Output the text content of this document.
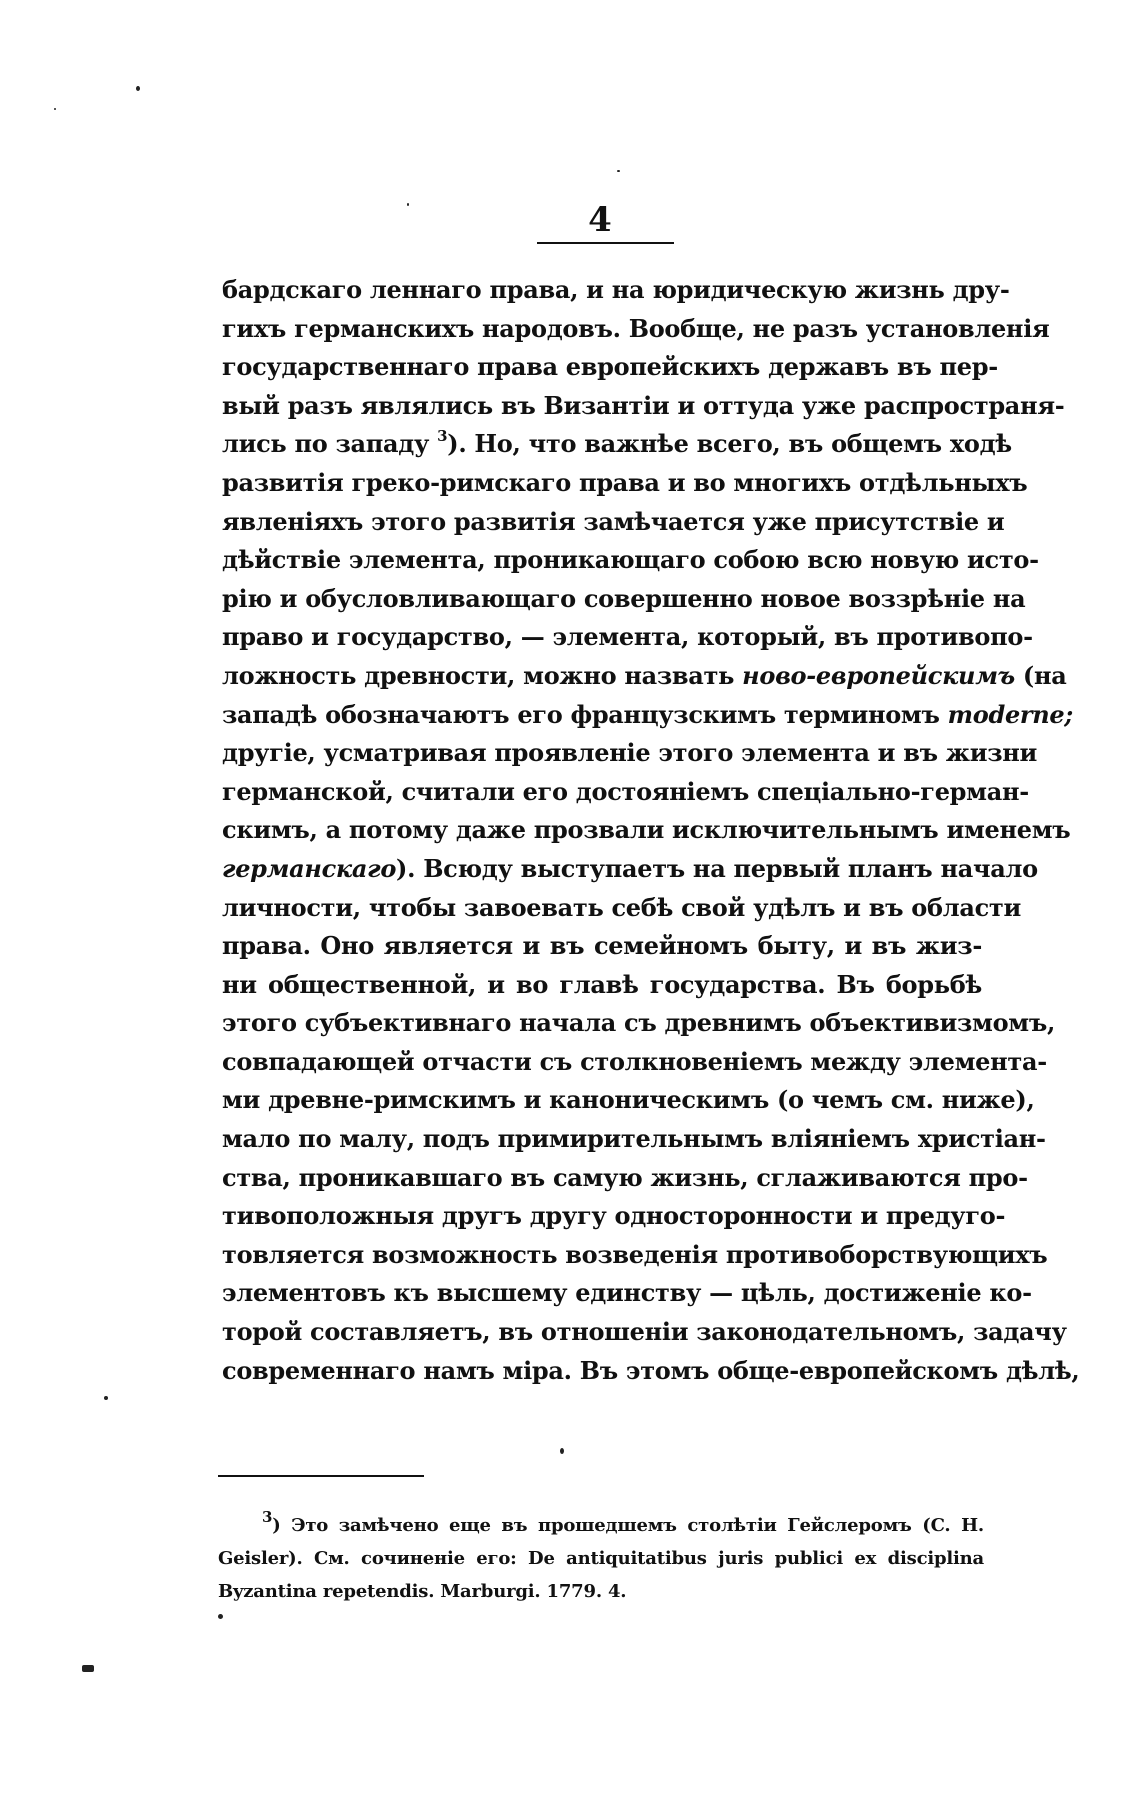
4
бардскаго леннаго права, и на юридическую жизнь дру-
гихъ германскихъ народовъ. Вообще, не разъ установленія
государственнаго права европейскихъ державъ въ пер-
вый разъ являлись въ Византіи и оттуда уже распространя-
лись по западу $^3$). Но, что важнѣе всего, въ общемъ ходѣ
развитія греко-римскаго права и во многихъ отдѣльныхъ
явленіяхъ этого развитія замѣчается уже присутствіе и
дѣйствіе элемента, проникающаго собою всю новую исто-
рію и обусловливающаго совершенно новое воззрѣніе на
право и государство, — элемента, который, въ противопо-
ложность древности, можно назвать ново-европейскимъ (на
западѣ обозначаютъ его французскимъ терминомъ moderne;
другіе, усматривая проявленіе этого элемента и въ жизни
германской, считали его достояніемъ спеціально-герман-
скимъ, а потому даже прозвали исключительнымъ именемъ
германскаго). Всюду выступаетъ на первый планъ начало
личности, чтобы завоевать себѣ свой удѣлъ и въ области
права. Оно является и въ семейномъ быту, и въ жиз-
ни общественной, и во главѣ государства. Въ борьбѣ
этого субъективнаго начала съ древнимъ объективизмомъ,
совпадающей отчасти съ столкновеніемъ между элемента-
ми древне-римскимъ и каноническимъ (о чемъ см. ниже),
мало по малу, подъ примирительнымъ вліяніемъ христіан-
ства, проникавшаго въ самую жизнь, сглаживаются про-
тивоположныя другъ другу односторонности и предуго-
товляется возможность возведенія противоборствующихъ
элементовъ къ высшему единству — цѣль, достиженіе ко-
торой составляетъ, въ отношеніи законодательномъ, задачу
современнаго намъ міра. Въ этомъ обще-европейскомъ дѣлѣ,
$^3$) Это замѣчено еще въ прошедшемъ столѣтіи Гейслеромъ (C. H.
Geisler). См. сочиненіе его: De antiquitatibus juris publici ex disciplina
Byzantina repetendis. Marburgi. 1779. 4.
